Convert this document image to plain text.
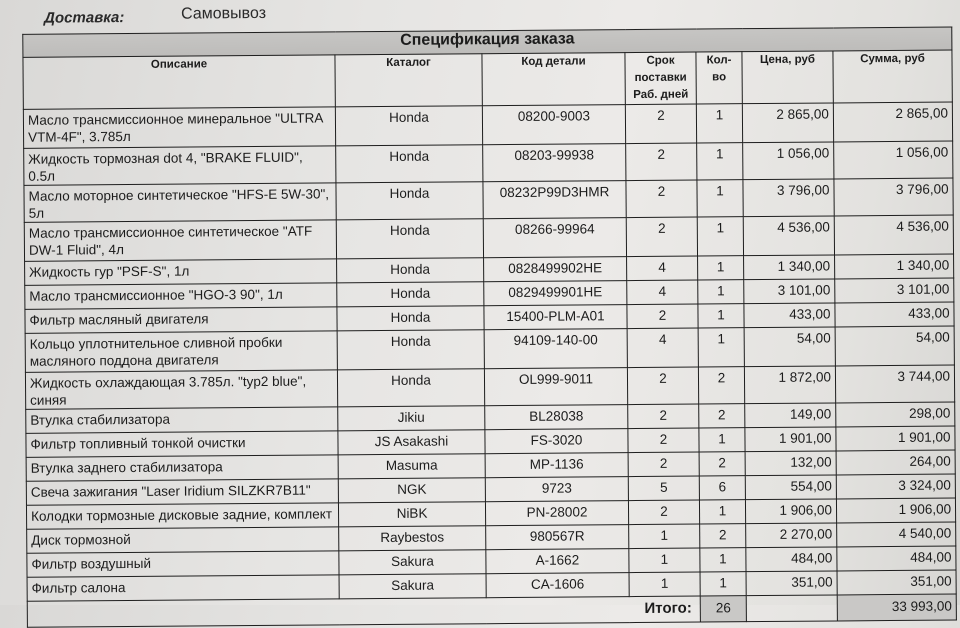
Доставка:	Самовывоз
Спецификация заказа						
Описание	Каталог	Код детали	Срок поставки Раб. дней	Кол-во	Цена, руб	Сумма, руб
Масло трансмиссионное минеральное "ULTRA VTM-4F", 3.785л	Honda	08200-9003	2	1	2 865,00	2 865,00
Жидкость тормозная dot 4, "BRAKE FLUID", 0.5л	Honda	08203-99938	2	1	1 056,00	1 056,00
Масло моторное синтетическое "HFS-E 5W-30", 5л	Honda	08232P99D3HMR	2	1	3 796,00	3 796,00
Масло трансмиссионное синтетическое "ATF DW-1 Fluid", 4л	Honda	08266-99964	2	1	4 536,00	4 536,00
Жидкость гур "PSF-S", 1л	Honda	0828499902HE	4	1	1 340,00	1 340,00
Масло трансмиссионное "HGO-3 90", 1л	Honda	0829499901HE	4	1	3 101,00	3 101,00
Фильтр масляный двигателя	Honda	15400-PLM-A01	2	1	433,00	433,00
Кольцо уплотнительное сливной пробки масляного поддона двигателя	Honda	94109-140-00	4	1	54,00	54,00
Жидкость охлаждающая 3.785л. "typ2 blue", синяя	Honda	OL999-9011	2	2	1 872,00	3 744,00
Втулка стабилизатора	Jikiu	BL28038	2	2	149,00	298,00
Фильтр топливный тонкой очистки	JS Asakashi	FS-3020	2	1	1 901,00	1 901,00
Втулка заднего стабилизатора	Masuma	MP-1136	2	2	132,00	264,00
Свеча зажигания "Laser Iridium SILZKR7B11"	NGK	9723	5	6	554,00	3 324,00
Колодки тормозные дисковые задние, комплект	NiBK	PN-28002	2	1	1 906,00	1 906,00
Диск тормозной	Raybestos	980567R	1	2	2 270,00	4 540,00
Фильтр воздушный	Sakura	A-1662	1	1	484,00	484,00
Фильтр салона	Sakura	CA-1606	1	1	351,00	351,00
Итого:				26		33 993,00
